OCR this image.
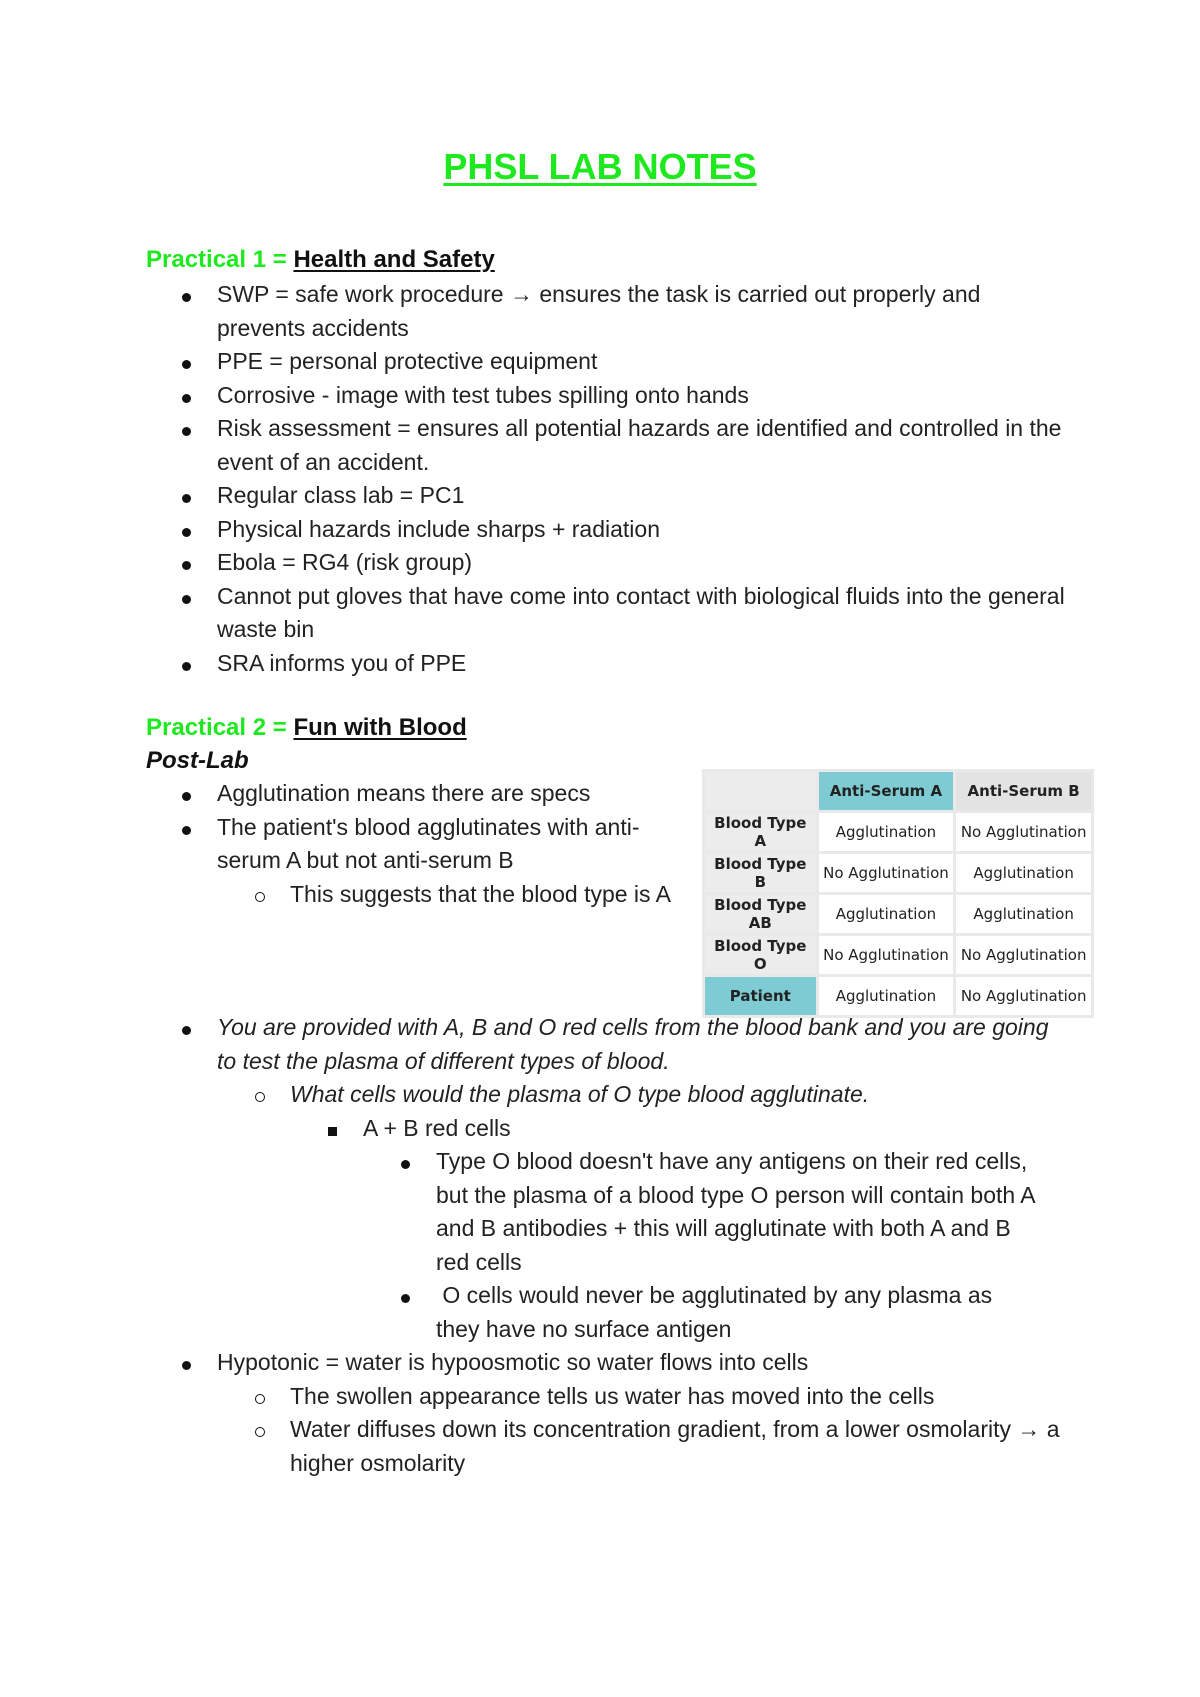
PHSL LAB NOTES
Practical 1 = Health and Safety
SWP = safe work procedure → ensures the task is carried out properly and prevents accidents
PPE = personal protective equipment
Corrosive - image with test tubes spilling onto hands
Risk assessment = ensures all potential hazards are identified and controlled in the event of an accident.
Regular class lab = PC1
Physical hazards include sharps + radiation
Ebola = RG4 (risk group)
Cannot put gloves that have come into contact with biological fluids into the general waste bin
SRA informs you of PPE
Practical 2 = Fun with Blood
Post-Lab
Agglutination means there are specs
The patient's blood agglutinates with anti-serum A but not anti-serum B
This suggests that the blood type is A
	Anti-Serum A	Anti-Serum B
Blood Type A	Agglutination	No Agglutination
Blood Type B	No Agglutination	Agglutination
Blood Type AB	Agglutination	Agglutination
Blood Type O	No Agglutination	No Agglutination
Patient	Agglutination	No Agglutination
You are provided with A, B and O red cells from the blood bank and you are going to test the plasma of different types of blood.
What cells would the plasma of O type blood agglutinate.
A + B red cells
Type O blood doesn't have any antigens on their red cells, but the plasma of a blood type O person will contain both A and B antibodies + this will agglutinate with both A and B red cells
O cells would never be agglutinated by any plasma as they have no surface antigen
Hypotonic = water is hypoosmotic so water flows into cells
The swollen appearance tells us water has moved into the cells
Water diffuses down its concentration gradient, from a lower osmolarity → a higher osmolarity
